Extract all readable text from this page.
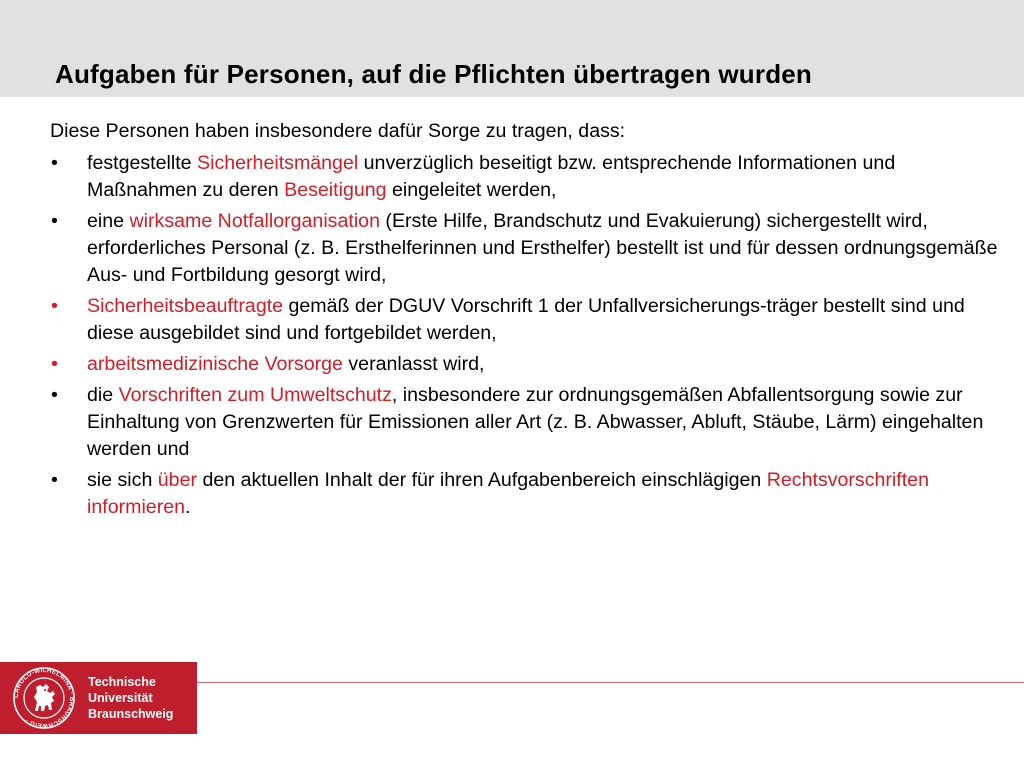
Aufgaben für Personen, auf die Pflichten übertragen wurden

Diese Personen haben insbesondere dafür Sorge zu tragen, dass:

• festgestellte Sicherheitsmängel unverzüglich beseitigt bzw. entsprechende Informationen und Maßnahmen zu deren Beseitigung eingeleitet werden,
• eine wirksame Notfallorganisation (Erste Hilfe, Brandschutz und Evakuierung) sichergestellt wird, erforderliches Personal (z. B. Ersthelferinnen und Ersthelfer) bestellt ist und für dessen ordnungsgemäße Aus- und Fortbildung gesorgt wird,
• Sicherheitsbeauftragte gemäß der DGUV Vorschrift 1 der Unfallversicherungs-träger bestellt sind und diese ausgebildet sind und fortgebildet werden,
• arbeitsmedizinische Vorsorge veranlasst wird,
• die Vorschriften zum Umweltschutz, insbesondere zur ordnungsgemäßen Abfallentsorgung sowie zur Einhaltung von Grenzwerten für Emissionen aller Art (z. B. Abwasser, Abluft, Stäube, Lärm) eingehalten werden und
• sie sich über den aktuellen Inhalt der für ihren Aufgabenbereich einschlägigen Rechtsvorschriften informieren.
CAROLO-WILHELMINA · BRAUNSCHWEIG ·
Technische
Universität
Braunschweig
